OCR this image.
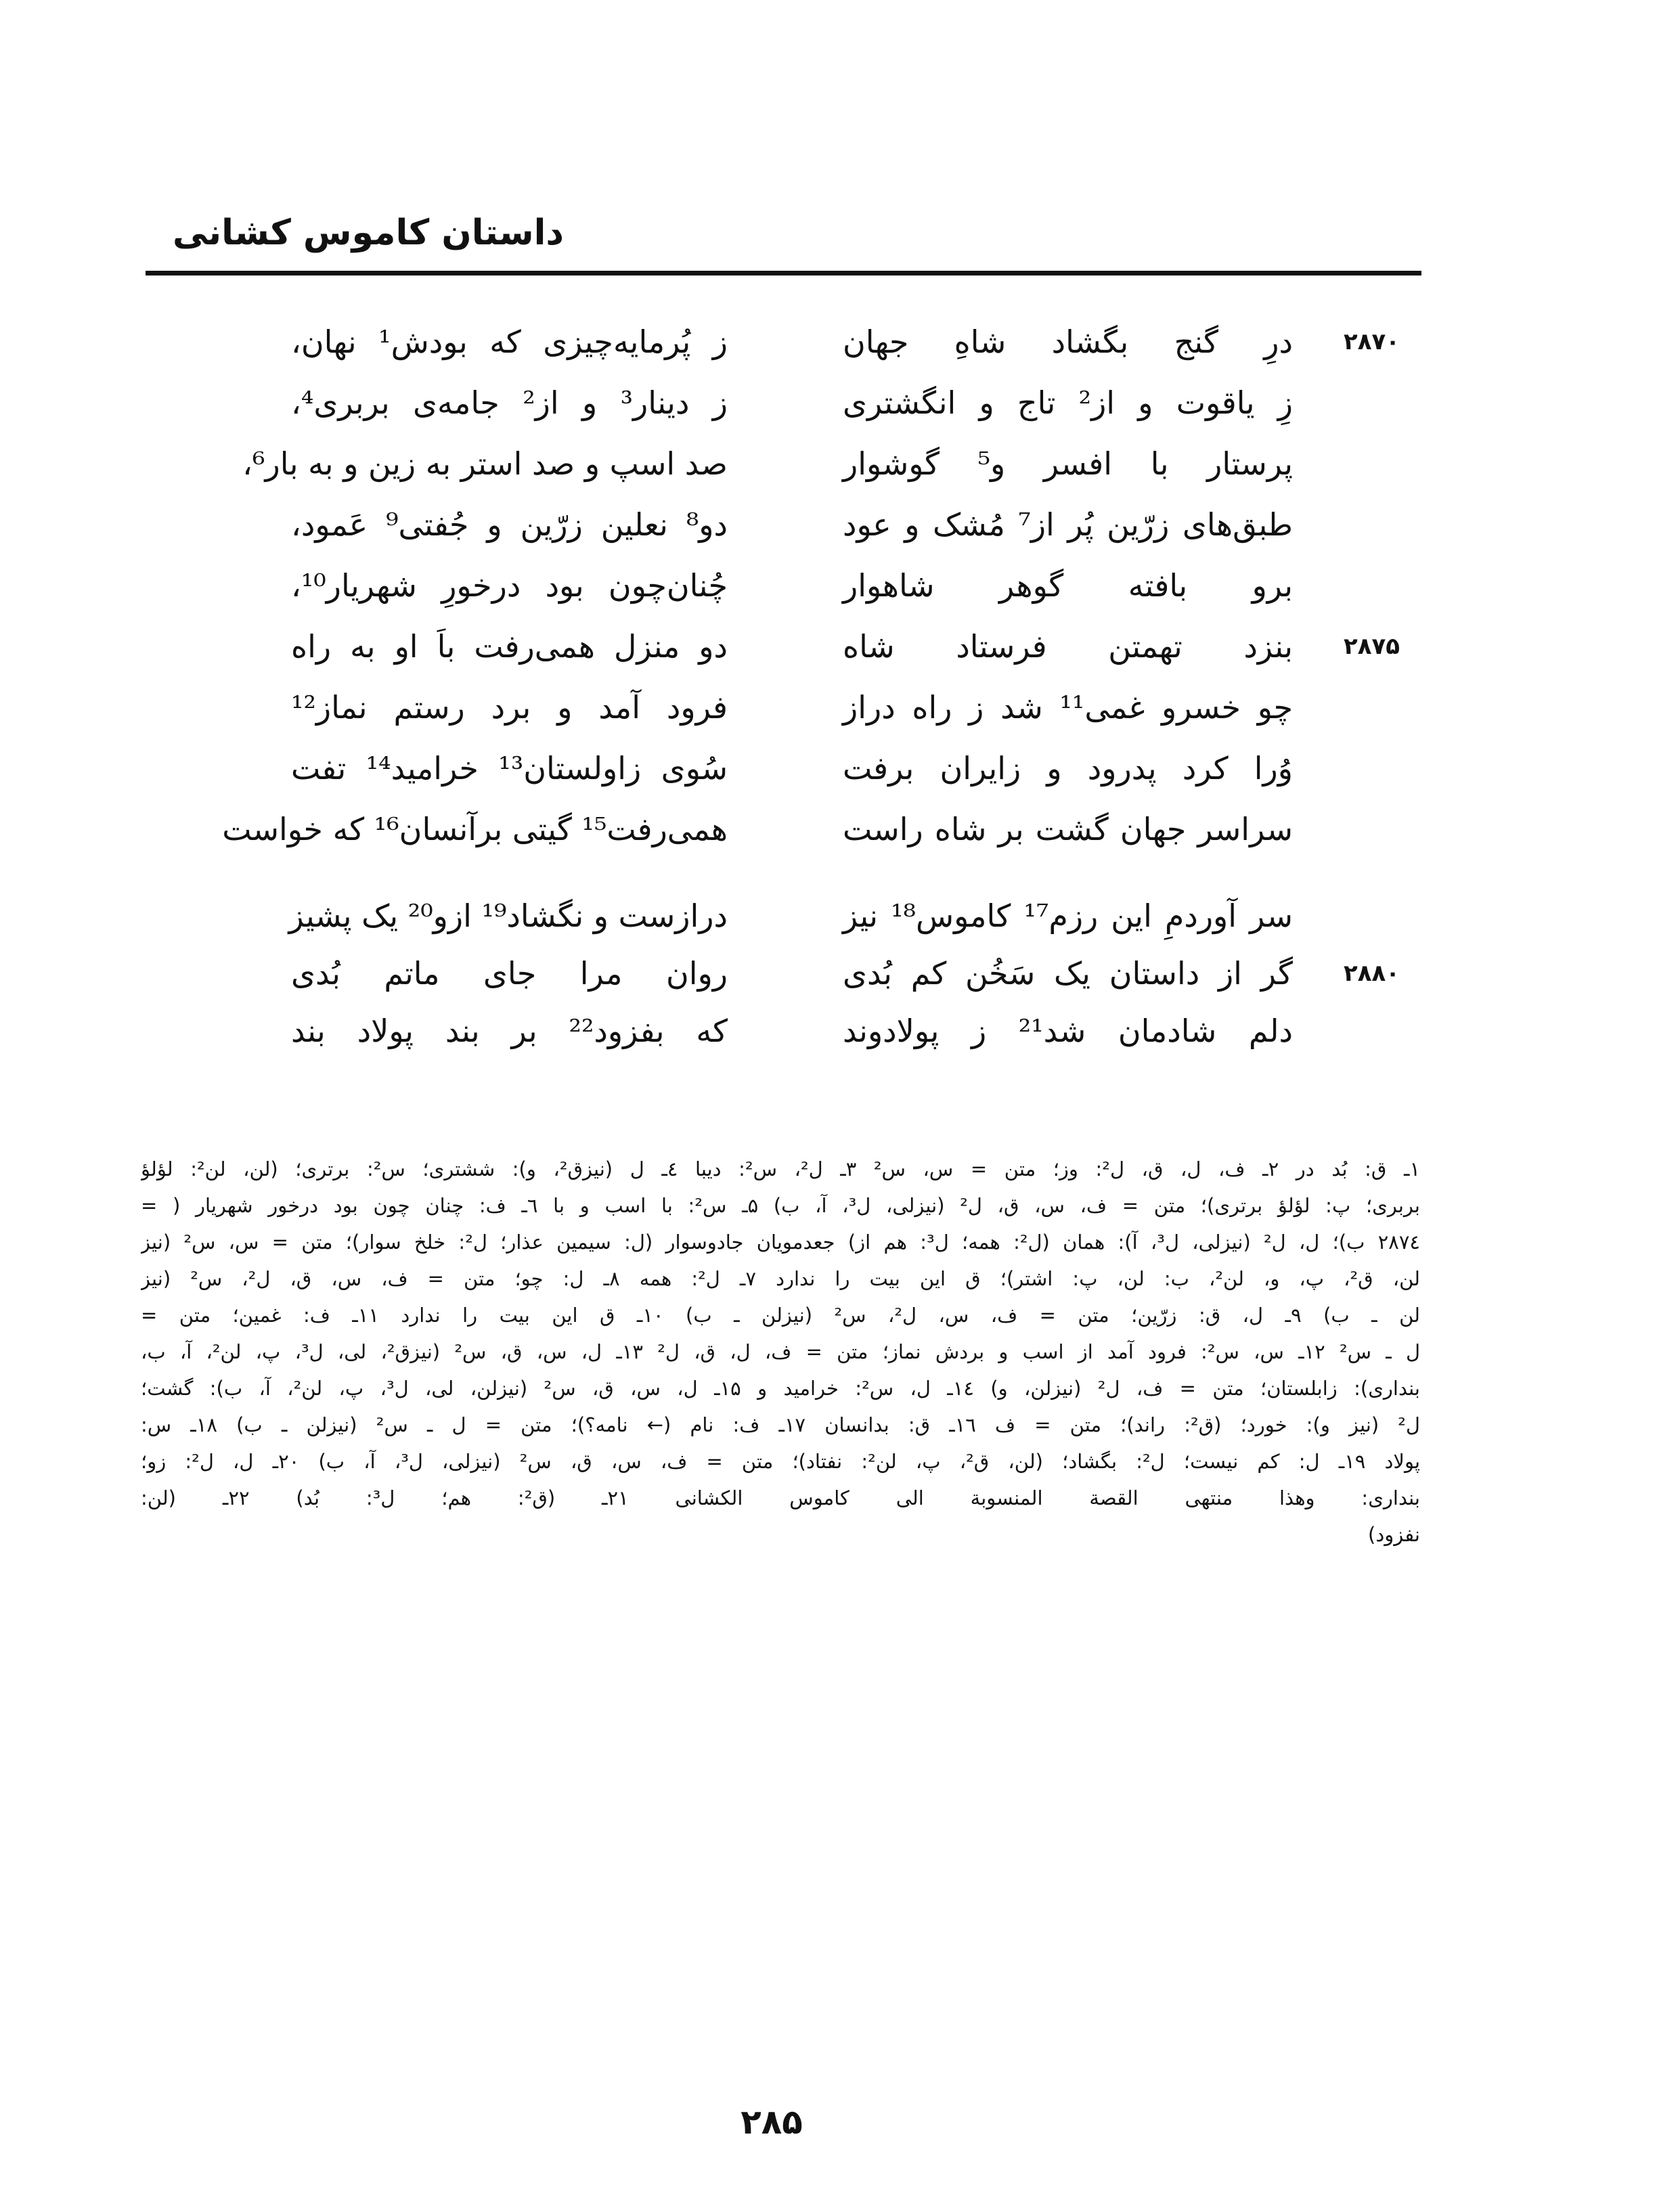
داستان کاموس کشانی
۲۸۷۰
درِ گنج بگشاد شاهِ جهان
ز پُرمایه‌چیزی که بودش¹ نهان،
زِ یاقوت و از² تاج و انگشتری
ز دینار³ و از² جامه‌ی بربری⁴،
پرستار با افسر و⁵ گوشوار
صد اسپ و صد استر به زین و به بار⁶،
طبق‌های زرّین پُر از⁷ مُشک و عود
دو⁸ نعلین زرّین و جُفتی⁹ عَمود،
برو بافته گوهر شاهوار
چُنان‌چون بود درخورِ شهریار¹⁰،
۲۸۷۵
بنزد تهمتن فرستاد شاه
دو منزل همی‌رفت باَ او به راه
چو خسرو غمی¹¹ شد ز راه دراز
فرود آمد و برد رستم نماز¹²
وُرا کرد پدرود و زایران برفت
سُوی زاولستان¹³ خرامید¹⁴ تفت
سراسر جهان گشت بر شاه راست
همی‌رفت¹⁵ گیتی برآنسان¹⁶ که خواست
سر آوردمِ این رزم¹⁷ کاموس¹⁸ نیز
درازست و نگشاد¹⁹ ازو²⁰ یک پشیز
۲۸۸۰
گر از داستان یک سَخُن کم بُدی
روان مرا جای ماتم بُدی
دلم شادمان شد²¹ ز پولادوند
که بفزود²² بر بند پولاد بند
۱ـ ق: بُد در ۲ـ ف، ل، ق، ل²: وز؛ متن = س، س² ۳ـ ل²، س²: دیبا ٤ـ ل (نیزق²، و): ششتری؛ س²: برتری؛ (لن، لن²: لؤلؤ
بربری؛ پ: لؤلؤ برتری)؛ متن = ف، س، ق، ل² (نیزلی، ل³، آ، ب) ۵ـ س²: با اسب و با ٦ـ ف: چنان چون بود درخور شهریار ( =
۲۸۷٤ ب)؛ ل، ل² (نیزلی، ل³، آ): همان (ل²: همه؛ ل³: هم از) جعدمویان جادوسوار (ل: سیمین عذار؛ ل²: خلخ سوار)؛ متن = س، س² (نیز
لن، ق²، پ، و، لن²، ب: لن، پ: اشتر)؛ ق این بیت را ندارد ۷ـ ل²: همه ۸ـ ل: چو؛ متن = ف، س، ق، ل²، س² (نیز
لن ـ ب) ۹ـ ل، ق: زرّین؛ متن = ف، س، ل²، س² (نیزلن ـ ب) ۱۰ـ ق این بیت را ندارد ۱۱ـ ف: غمین؛ متن =
ل ـ س² ۱۲ـ س، س²: فرود آمد از اسب و بردش نماز؛ متن = ف، ل، ق، ل² ۱۳ـ ل، س، ق، س² (نیزق²، لی، ل³، پ، لن²، آ، ب،
بنداری): زابلستان؛ متن = ف، ل² (نیزلن، و) ۱٤ـ ل، س²: خرامید و ۱۵ـ ل، س، ق، س² (نیزلن، لی، ل³، پ، لن²، آ، ب): گشت؛
ل² (نیز و): خورد؛ (ق²: راند)؛ متن = ف ۱٦ـ ق: بدانسان ۱۷ـ ف: نام (← نامه؟)؛ متن = ل ـ س² (نیزلن ـ ب) ۱۸ـ س:
پولاد ۱۹ـ ل: کم نیست؛ ل²: بگشاد؛ (لن، ق²، پ، لن²: نفتاد)؛ متن = ف، س، ق، س² (نیزلی، ل³، آ، ب) ۲۰ـ ل، ل²: زو؛
بنداری: وهذا منتهی القصة المنسوبة الی کاموس الکشانی ۲۱ـ (ق²: هم؛ ل³: بُد) ۲۲ـ (لن:
نفزود)
۲۸۵
